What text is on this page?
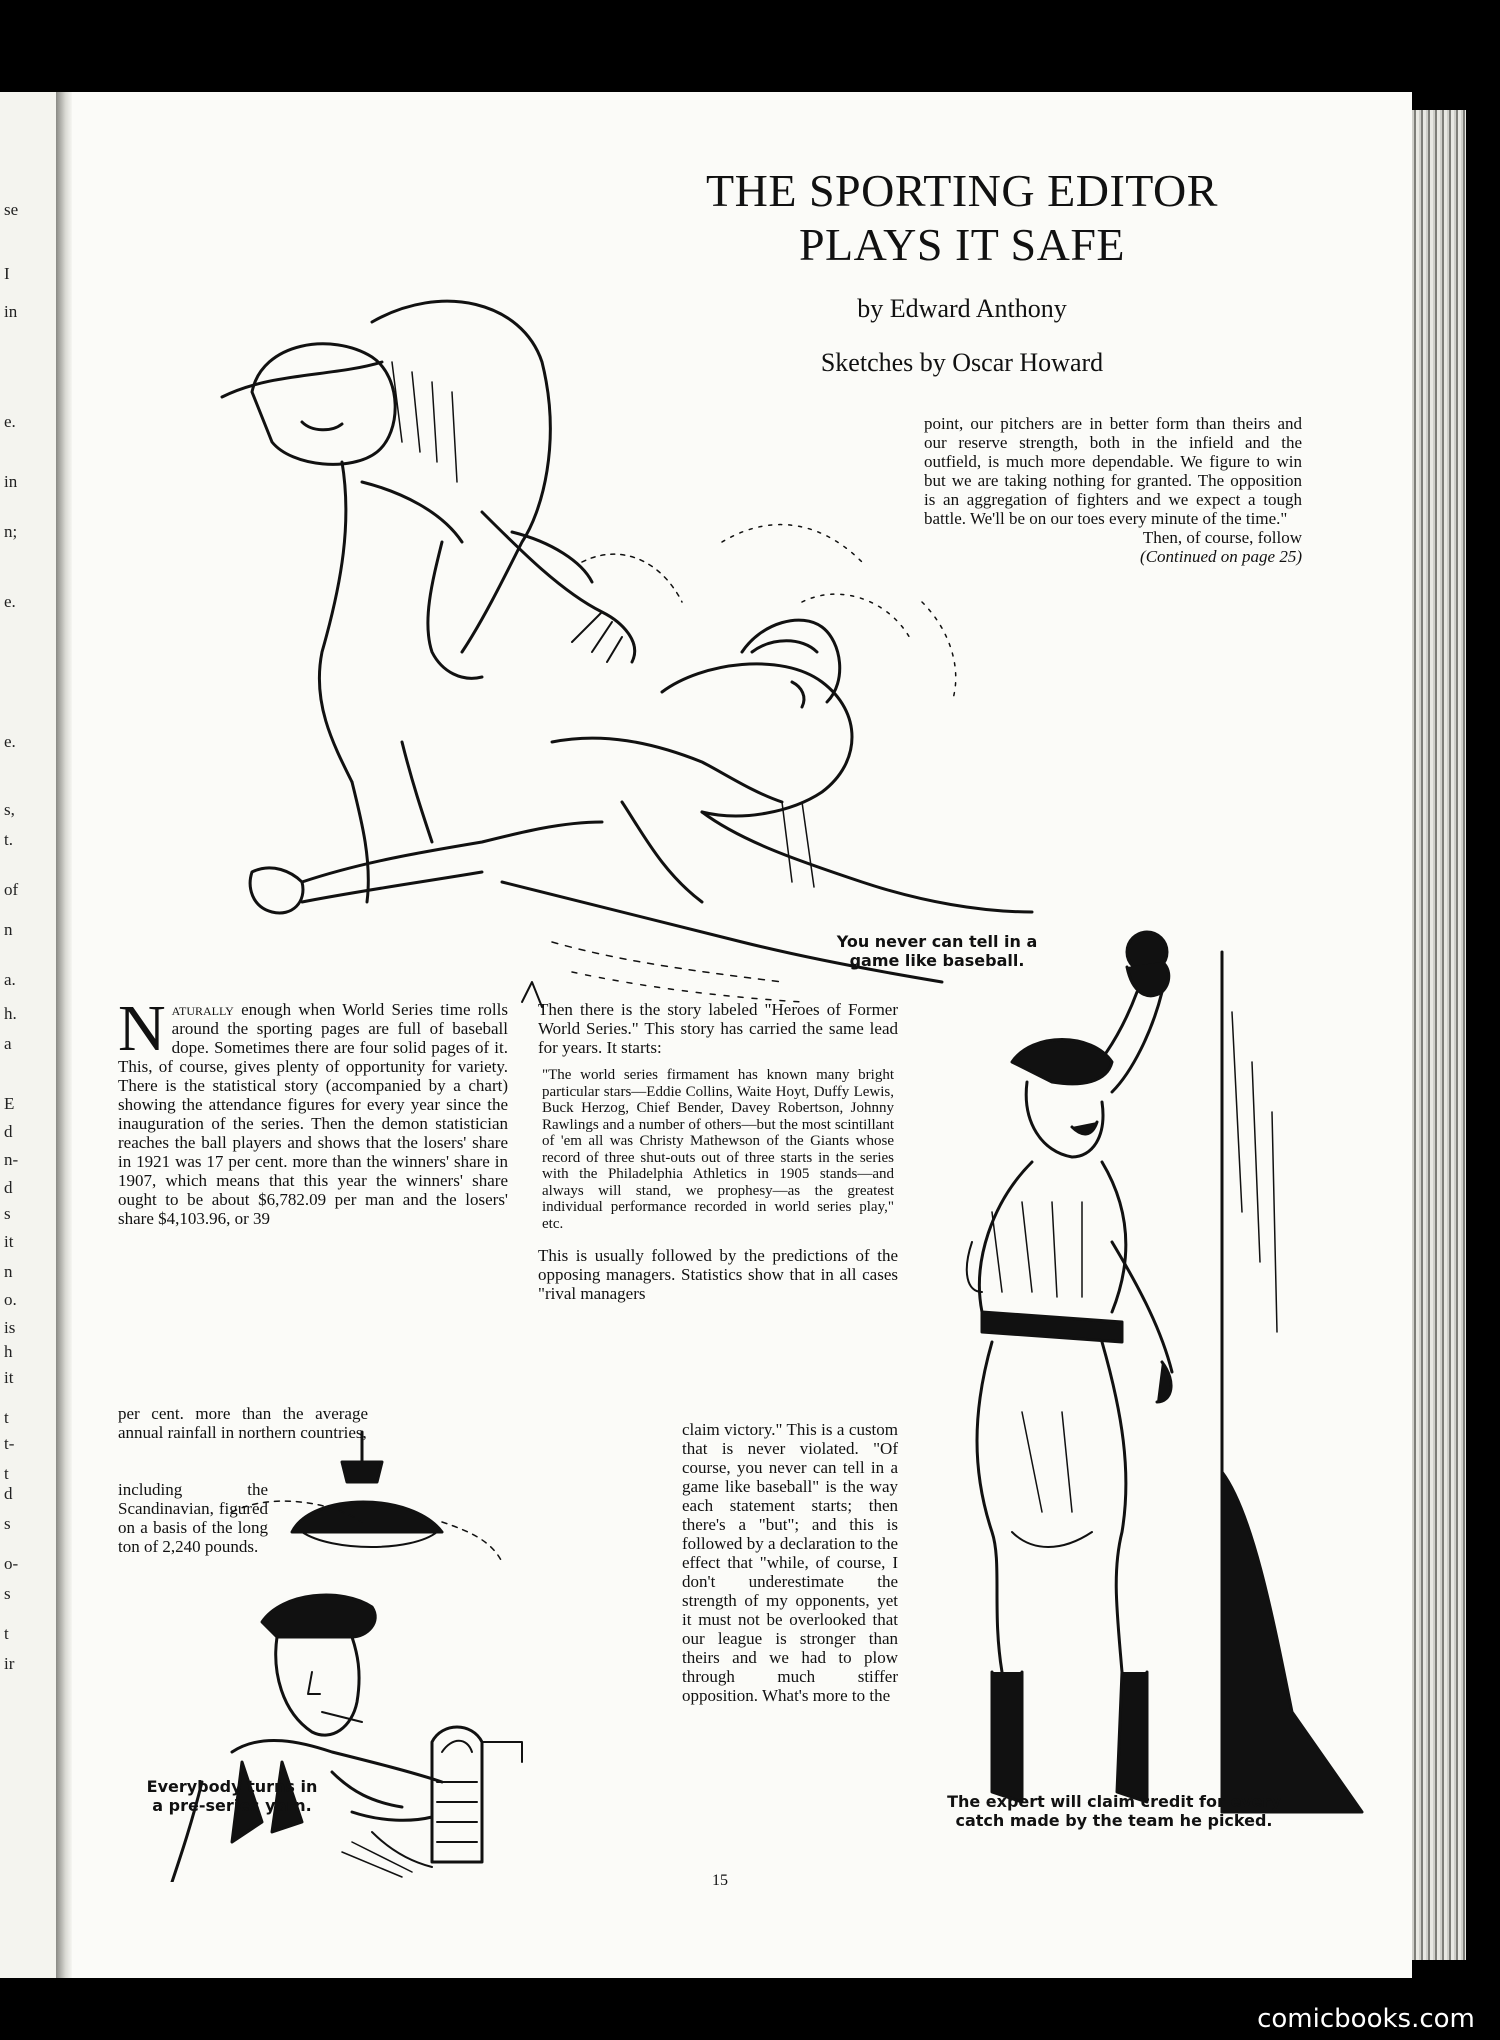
se
I
in
e.
in
n;
e.
e.
s,
t.
of
n
a.
h.
a
E
d
n-
d
s
it
n
o.
is
h
it
t
t-
t
d
s
o-
s
t
ir
THE SPORTING EDITOR
PLAYS IT SAFE
by Edward Anthony
Sketches by Oscar Howard

point, our pitchers are in better form than theirs and our reserve strength, both in the infield and the outfield, is much more dependable. We figure to win but we are taking nothing for granted. The opposition is an aggregation of fighters and we expect a tough battle. We'll be on our toes every minute of the time."

Then, of course, follow

(Continued on page 25)

You never can tell in a game like baseball.

Naturally enough when World Series time rolls around the sporting pages are full of baseball dope. Sometimes there are four solid pages of it. This, of course, gives plenty of opportunity for variety. There is the statistical story (accompanied by a chart) showing the attendance figures for every year since the inauguration of the series. Then the demon statistician reaches the ball players and shows that the losers' share in 1921 was 17 per cent. more than the winners' share in 1907, which means that this year the winners' share ought to be about $6,782.09 per man and the losers' share $4,103.96, or 39

per cent. more than the average annual rainfall in northern countries,
including the Scandinavian, figured on a basis of the long ton of 2,240 pounds.
Everybody turns in a pre-series yarn.

Then there is the story labeled "Heroes of Former World Series." This story has carried the same lead for years. It starts:

"The world series firmament has known many bright particular stars—Eddie Collins, Waite Hoyt, Duffy Lewis, Buck Herzog, Chief Bender, Davey Robertson, Johnny Rawlings and a number of others—but the most scintillant of 'em all was Christy Mathewson of the Giants whose record of three shut-outs out of three starts in the series with the Philadelphia Athletics in 1905 stands—and always will stand, we prophesy—as the greatest individual performance recorded in world series play," etc.

This is usually followed by the predictions of the opposing managers. Statistics show that in all cases "rival managers

claim victory." This is a custom that is never violated. "Of course, you never can tell in a game like baseball" is the way each statement starts; then there's a "but"; and this is followed by a declaration to the effect that "while, of course, I don't underestimate the strength of my opponents, yet it must not be overlooked that our league is stronger than theirs and we had to plow through much stiffer opposition. What's more to the
The expert will claim credit for every catch made by the team he picked.
15
comicbooks.com
